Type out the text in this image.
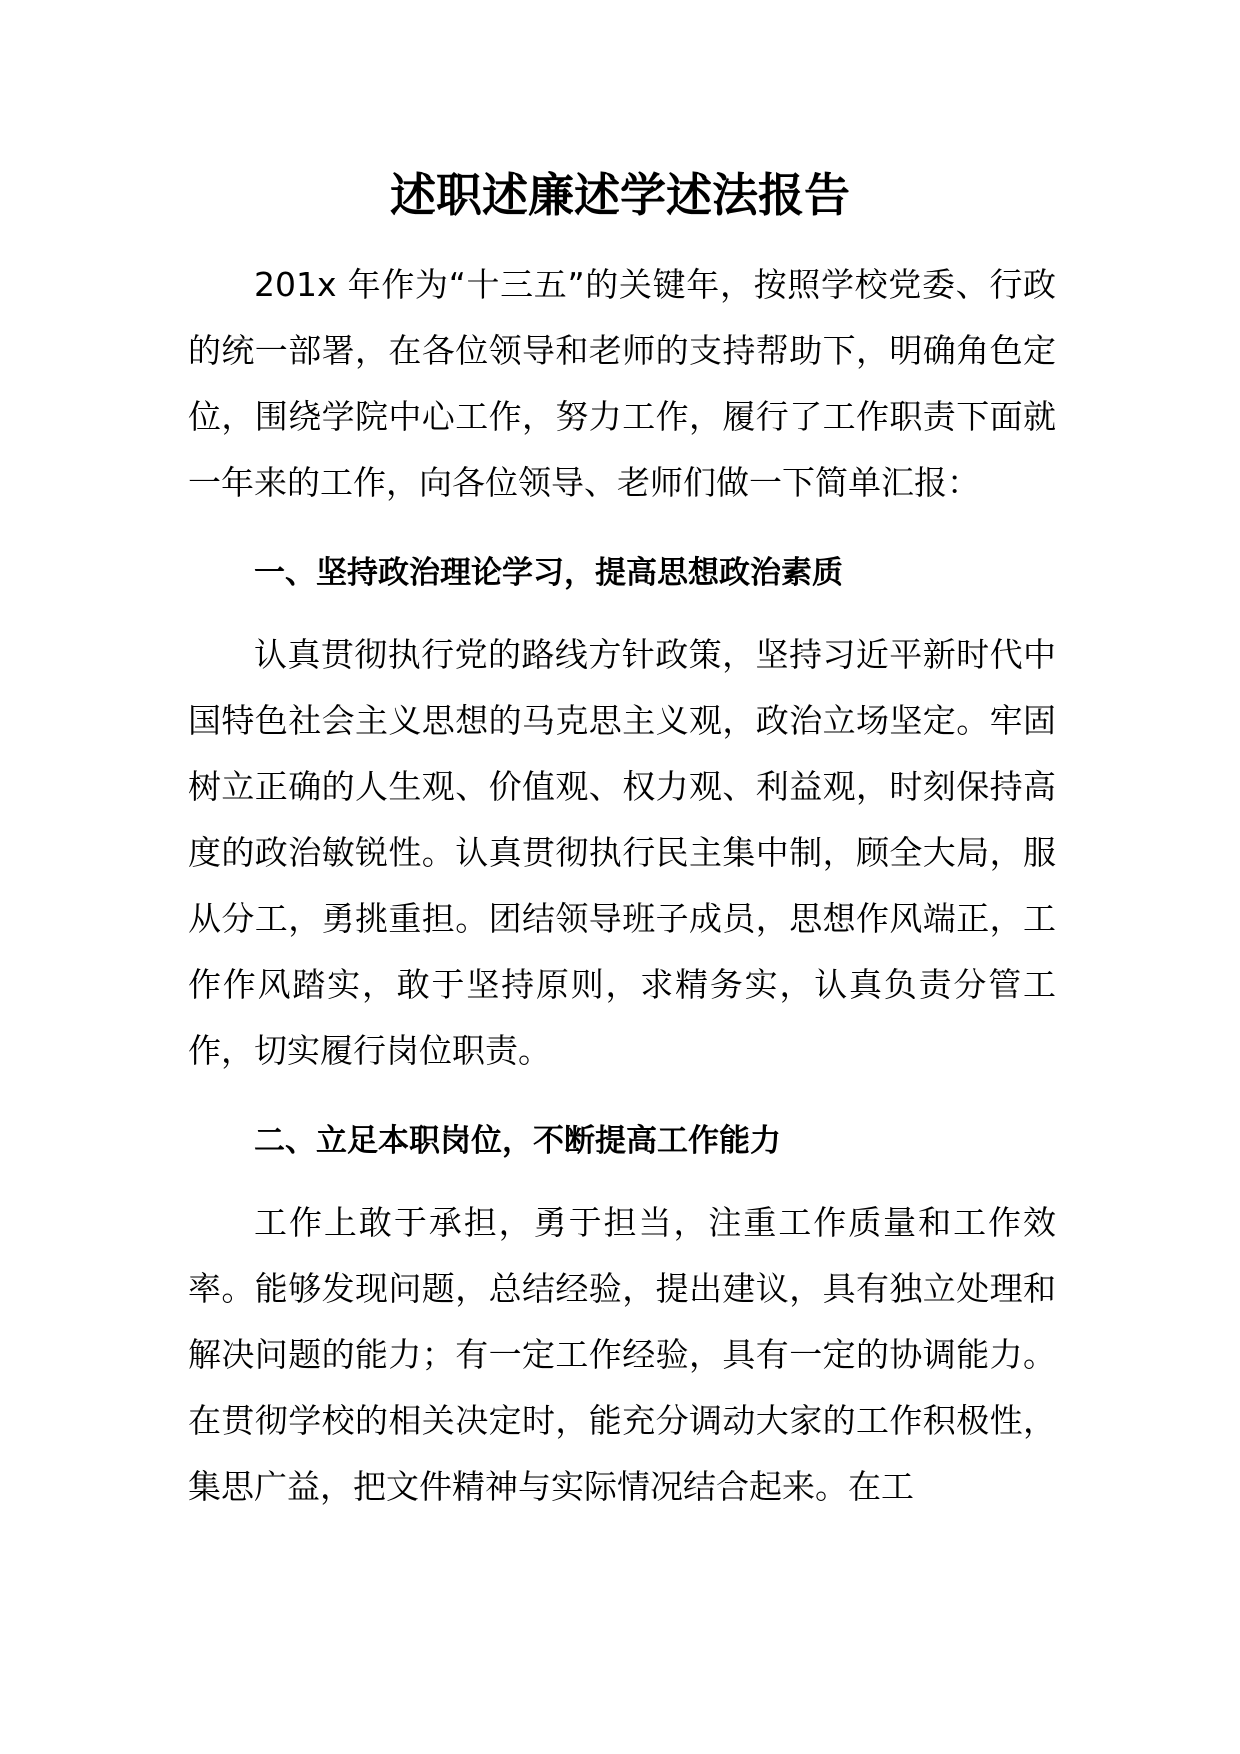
述职述廉述学述法报告

201x 年作为“十三五”的关键年，按照学校党委、行政的统一部署，在各位领导和老师的支持帮助下，明确角色定位，围绕学院中心工作，努力工作，履行了工作职责下面就一年来的工作，向各位领导、老师们做一下简单汇报：

一、坚持政治理论学习，提高思想政治素质

认真贯彻执行党的路线方针政策，坚持习近平新时代中国特色社会主义思想的马克思主义观，政治立场坚定。牢固树立正确的人生观、价值观、权力观、利益观，时刻保持高度的政治敏锐性。认真贯彻执行民主集中制，顾全大局，服从分工，勇挑重担。团结领导班子成员，思想作风端正，工作作风踏实，敢于坚持原则，求精务实，认真负责分管工作，切实履行岗位职责。

二、立足本职岗位，不断提高工作能力

工作上敢于承担，勇于担当，注重工作质量和工作效率。能够发现问题，总结经验，提出建议，具有独立处理和解决问题的能力；有一定工作经验，具有一定的协调能力。在贯彻学校的相关决定时，能充分调动大家的工作积极性，集思广益，把文件精神与实际情况结合起来。在工
